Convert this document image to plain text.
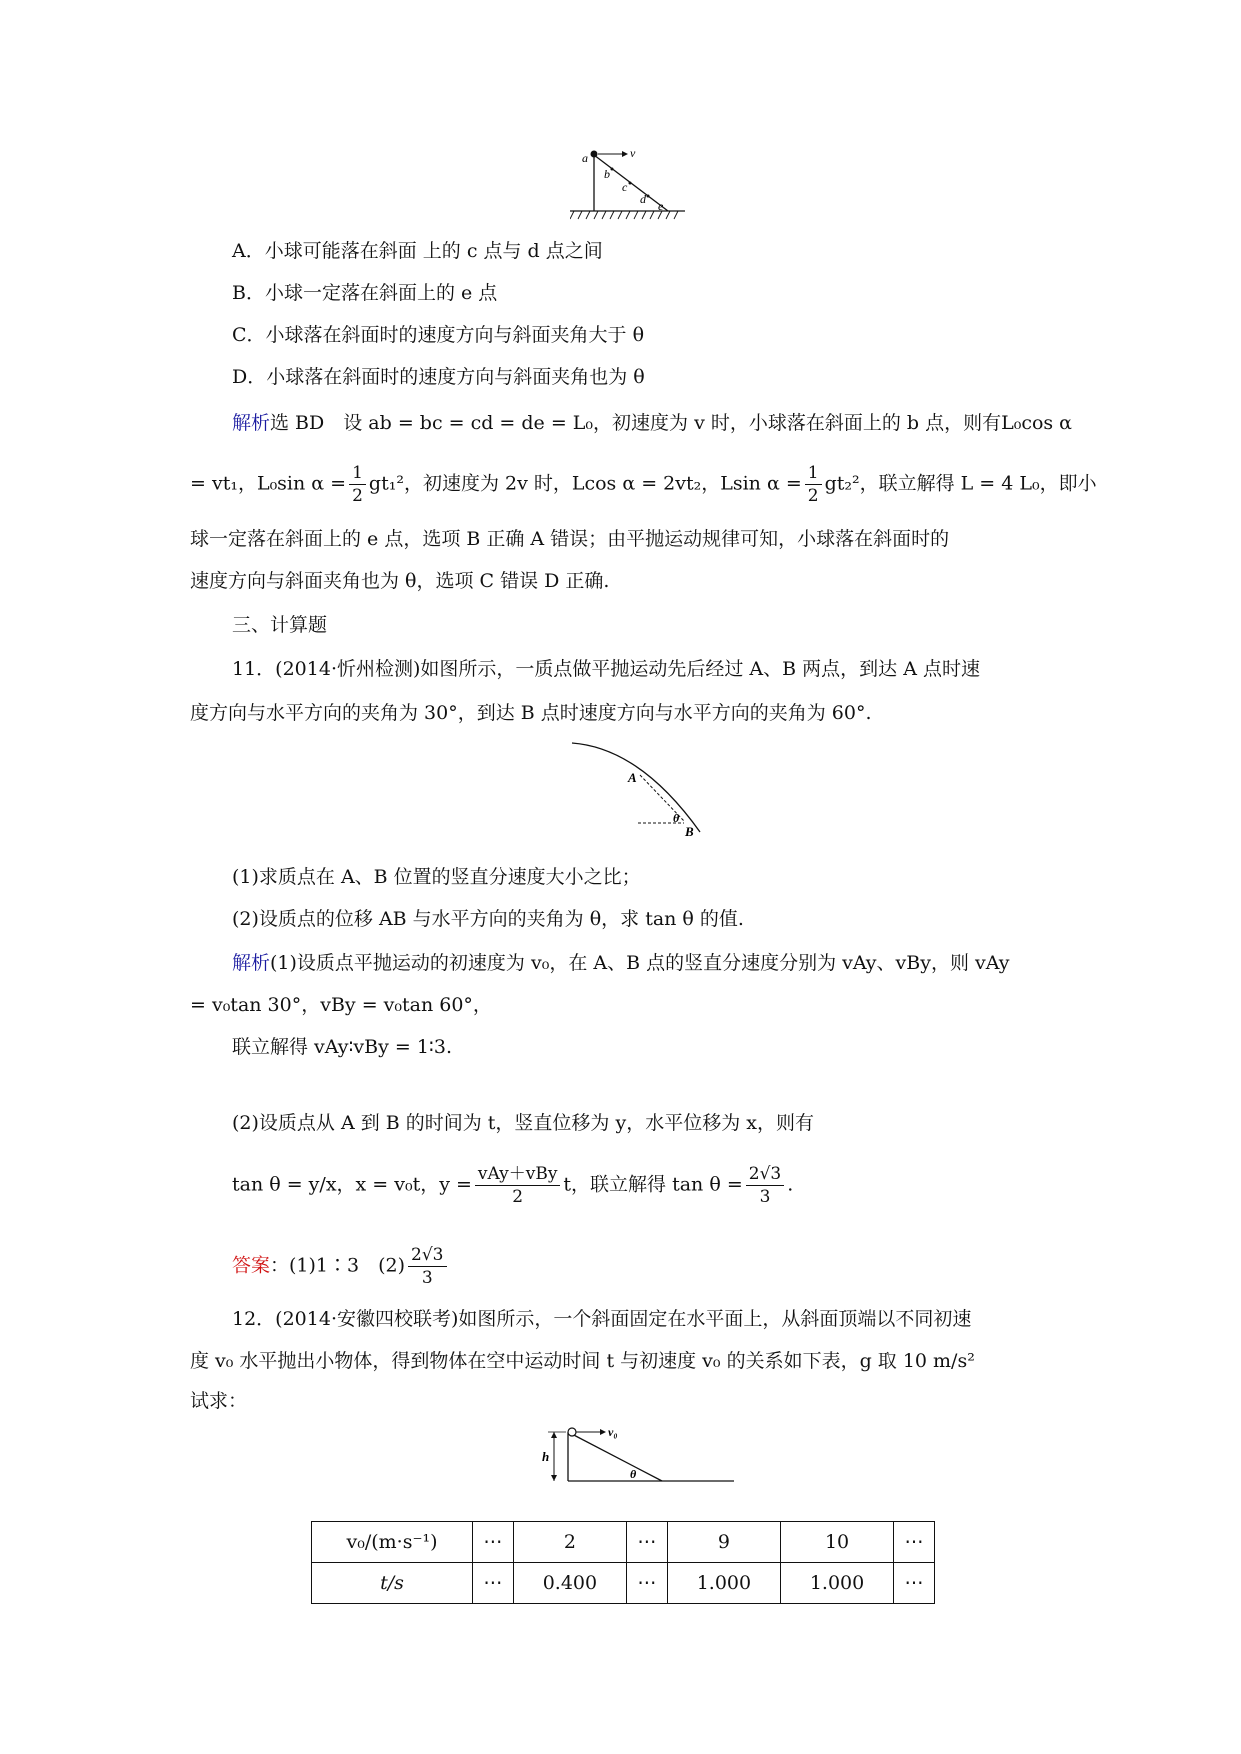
a	v
b
c
d e
A．小球可能落在斜面 上的 c 点与 d 点之间
B．小球一定落在斜面上的 e 点
C．小球落在斜面时的速度方向与斜面夹角大于 θ
D．小球落在斜面时的速度方向与斜面夹角也为 θ
解析选 BD　设 ab = bc = cd = de = L₀，初速度为 v 时，小球落在斜面上的 b 点，则有L₀cos α
= vt₁，L₀sin $\alpha = \frac{1}{2} gt_1^2$，初速度为 2v 时，Lcos α = 2vt₂，Lsin $\alpha = \frac{1}{2} gt_2^2$，联立解得 L = 4 L₀，即小
球一定落在斜面上的 e 点，选项 B 正确 A 错误；由平抛运动规律可知，小球落在斜面时的
速度方向与斜面夹角也为 θ，选项 C 错误 D 正确.
三、计算题
11．(2014·忻州检测)如图所示，一质点做平抛运动先后经过 A、B 两点，到达 A 点时速
度方向与水平方向的夹角为 30°，到达 B 点时速度方向与水平方向的夹角为 60°.
A
θ
B
(1)求质点在 A、B 位置的竖直分速度大小之比；
(2)设质点的位移 AB 与水平方向的夹角为 θ，求 tan θ 的值.
解析(1)设质点平抛运动的初速度为 v₀，在 A、B 点的竖直分速度分别为 vAy、vBy，则 vAy
= v₀tan 30°，vBy = v₀tan 60°，
联立解得 vAy∶vBy = 1∶3.
(2)设质点从 A 到 B 的时间为 t，竖直位移为 y，水平位移为 x，则有
tan θ = y/x，x = v₀t，$y = \frac{\text{vAy＋vBy}}{2}$ t，联立解得 $\tan \theta = \frac{2√3}{3}$ .
答案：(1)1∶3　$(2) \frac{2√3}{3}$
12．(2014·安徽四校联考)如图所示，一个斜面固定在水平面上，从斜面顶端以不同初速
度 v₀ 水平抛出小物体，得到物体在空中运动时间 t 与初速度 v₀ 的关系如下表，g 取 10 m/s²
试求：
v₀
h
θ
v₀/(m·s⁻¹)	⋯	2	⋯	9	10	⋯
t/s	⋯	0.400	⋯	1.000	1.000	⋯
